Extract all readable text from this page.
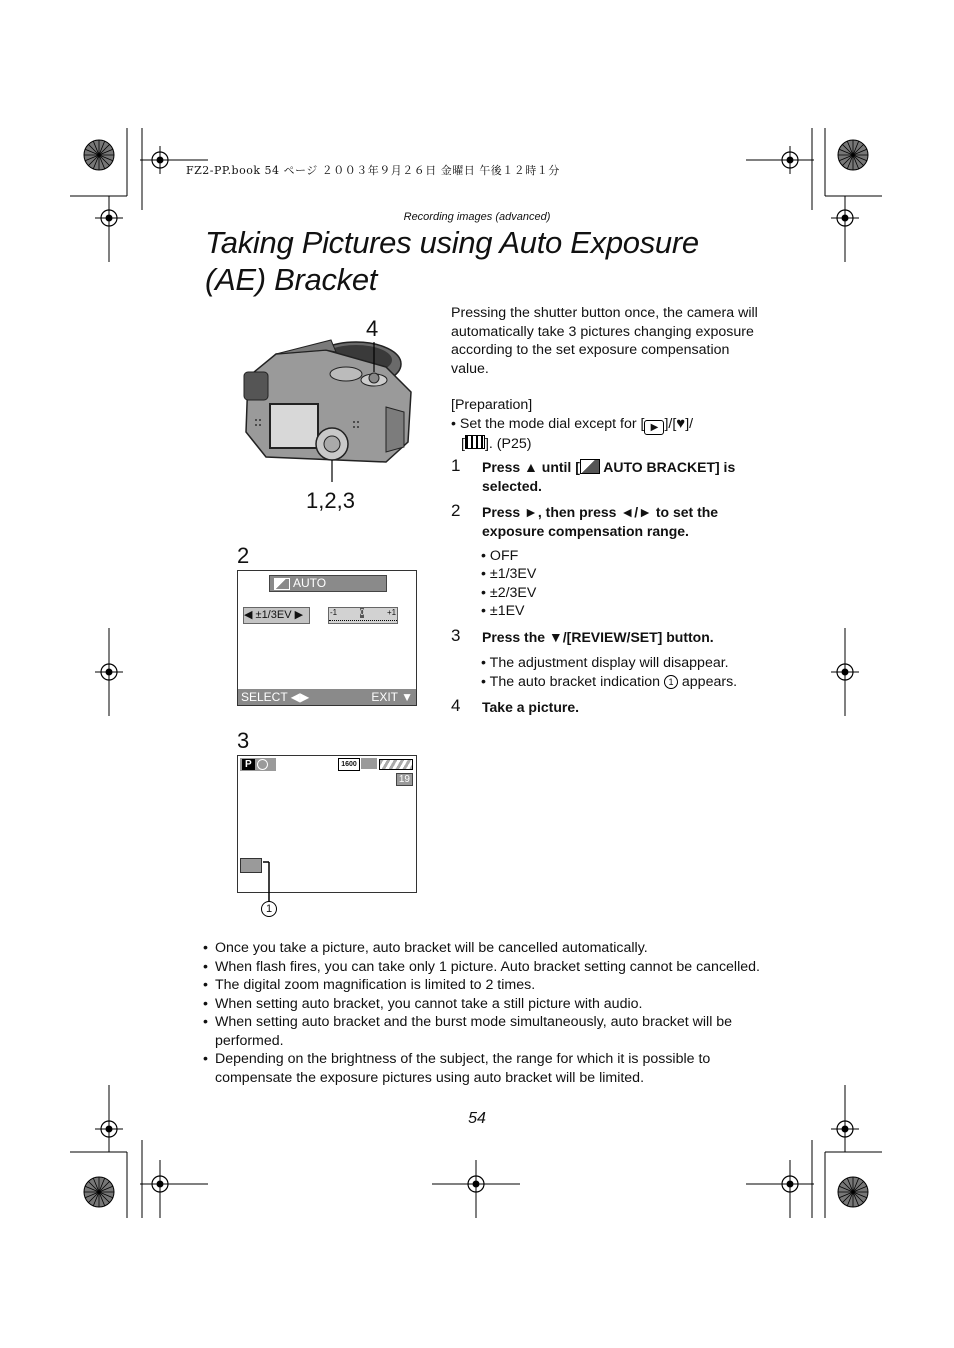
FZ2-PP.book 54 ページ ２００３年９月２６日 金曜日 午後１２時１分
Recording images (advanced)
Taking Pictures using Auto Exposure
(AE) Bracket
4
1,2,3
2
AUTO BRACKET
◀ ±1/3EV ▶	-1	0	+1
SELECT ◀▶	EXIT ▼
3
P	1600
19
1
Pressing the shutter button once, the camera will automatically take 3 pictures changing exposure according to the set exposure compensation value.
[Preparation]
• Set the mode dial except for [ ▶ ]/[♥]/
[ ]. (P25)
1 Press ▲ until [ AUTO BRACKET] is selected.
2 Press ►, then press ◄/► to set the exposure compensation range.
• OFF
• ±1/3EV
• ±2/3EV
• ±1EV
3 Press the ▼/[REVIEW/SET] button.
• The adjustment display will disappear.
• The auto bracket indication 1 appears.
4 Take a picture.

• Once you take a picture, auto bracket will be cancelled automatically.

• When flash fires, you can take only 1 picture. Auto bracket setting cannot be cancelled.

• The digital zoom magnification is limited to 2 times.

• When setting auto bracket, you cannot take a still picture with audio.

• When setting auto bracket and the burst mode simultaneously, auto bracket will be performed.

• Depending on the brightness of the subject, the range for which it is possible to compensate the exposure pictures using auto bracket will be limited.

54
